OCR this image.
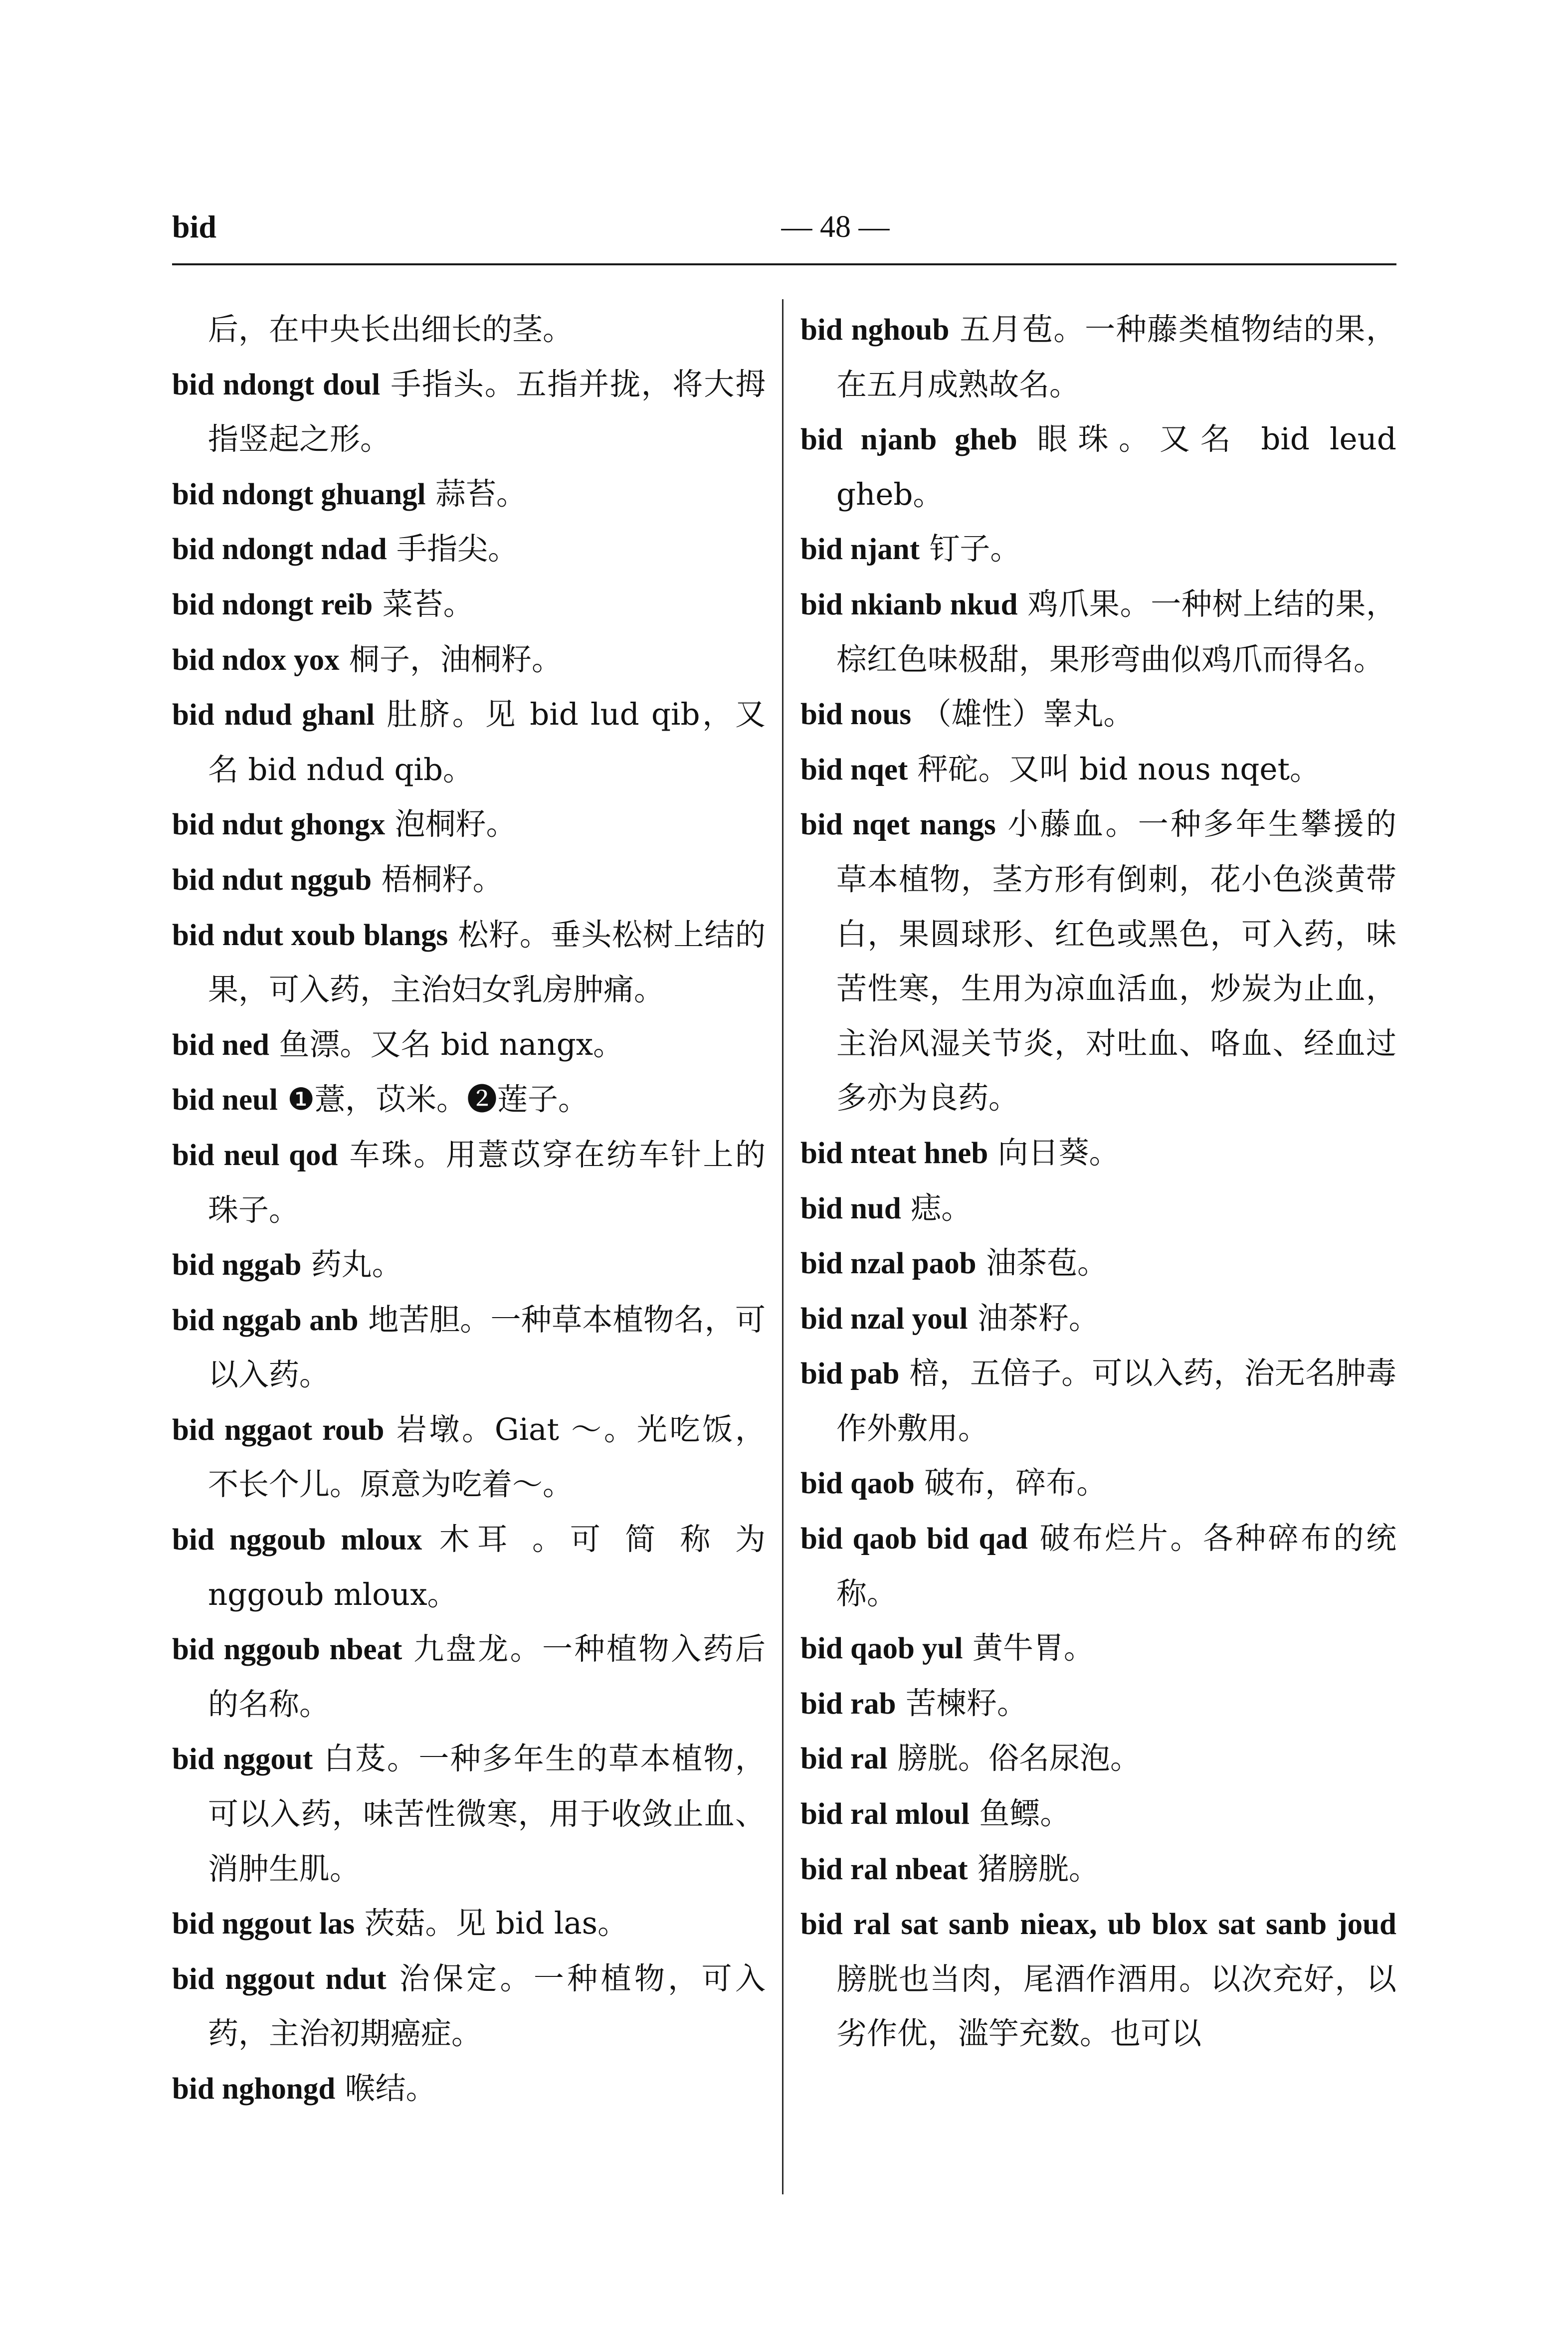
bid	— 48 —
后，在中央长出细长的茎。
bid ndongt doul 手指头。五指并拢，将大拇指竖起之形。
bid ndongt ghuangl 蒜苔。
bid ndongt ndad 手指尖。
bid ndongt reib 菜苔。
bid ndox yox 桐子，油桐籽。
bid ndud ghanl 肚脐。见 bid lud qib，又名 bid ndud qib。
bid ndut ghongx 泡桐籽。
bid ndut nggub 梧桐籽。
bid ndut xoub blangs 松籽。垂头松树上结的果，可入药，主治妇女乳房肿痛。
bid ned 鱼漂。又名 bid nangx。
bid neul ❶薏，苡米。❷莲子。
bid neul qod 车珠。用薏苡穿在纺车针上的珠子。
bid nggab 药丸。
bid nggab anb 地苦胆。一种草本植物名，可以入药。
bid nggaot roub 岩墩。Giat ～。光吃饭，不长个儿。原意为吃着～。
bid nggoub mloux 木耳 。可 简 称 为 nggoub mloux。
bid nggoub nbeat 九盘龙。一种植物入药后的名称。
bid nggout 白芨。一种多年生的草本植物，可以入药，味苦性微寒，用于收敛止血、消肿生肌。
bid nggout las 茨菇。见 bid las。
bid nggout ndut 治保定。一种植物，可入药，主治初期癌症。
bid nghongd 喉结。
bid nghoub 五月苞。一种藤类植物结的果，在五月成熟故名。
bid njanb gheb 眼珠。又名 bid leud gheb。
bid njant 钉子。
bid nkianb nkud 鸡爪果。一种树上结的果，棕红色味极甜，果形弯曲似鸡爪而得名。
bid nous （雄性）睾丸。
bid nqet 秤砣。又叫 bid nous nqet。
bid nqet nangs 小藤血。一种多年生攀援的草本植物，茎方形有倒刺，花小色淡黄带白，果圆球形、红色或黑色，可入药，味苦性寒，生用为凉血活血，炒炭为止血，主治风湿关节炎，对吐血、咯血、经血过多亦为良药。
bid nteat hneb 向日葵。
bid nud 痣。
bid nzal paob 油茶苞。
bid nzal youl 油茶籽。
bid pab 棓，五倍子。可以入药，治无名肿毒作外敷用。
bid qaob 破布，碎布。
bid qaob bid qad 破布烂片。各种碎布的统称。
bid qaob yul 黄牛胃。
bid rab 苦楝籽。
bid ral 膀胱。俗名尿泡。
bid ral mloul 鱼鳔。
bid ral nbeat 猪膀胱。
bid ral sat sanb nieax, ub blox sat sanb joud 膀胱也当肉，尾酒作酒用。以次充好，以劣作优，滥竽充数。也可以
